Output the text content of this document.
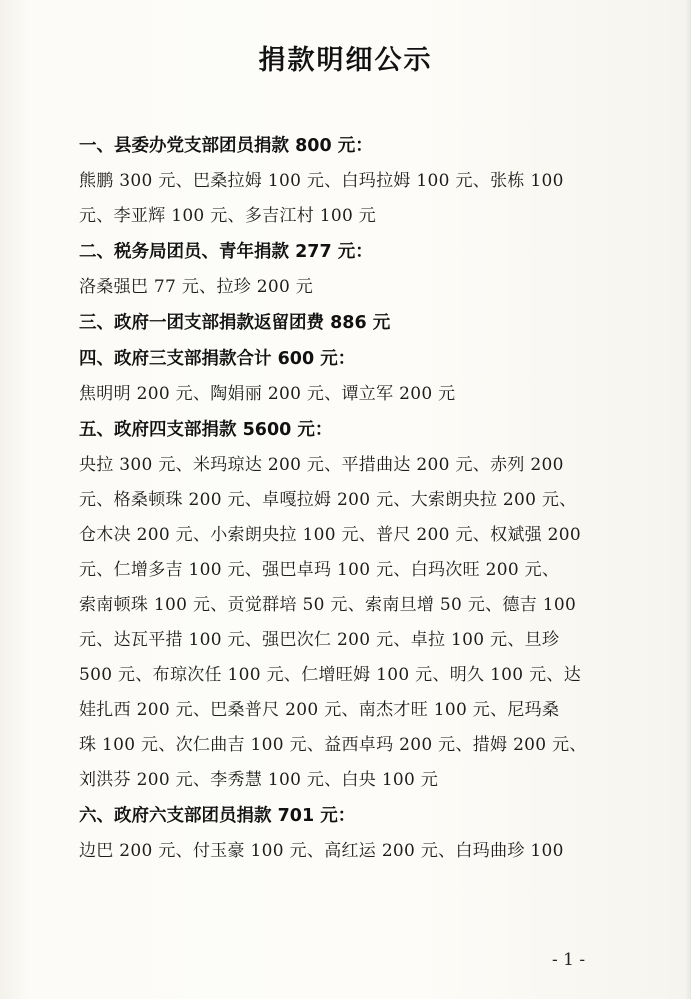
捐款明细公示
一、县委办党支部团员捐款 800 元：
熊鹏 300 元、巴桑拉姆 100 元、白玛拉姆 100 元、张栋 100
元、李亚辉 100 元、多吉江村 100 元
二、税务局团员、青年捐款 277 元：
洛桑强巴 77 元、拉珍 200 元
三、政府一团支部捐款返留团费 886 元
四、政府三支部捐款合计 600 元：
焦明明 200 元、陶娟丽 200 元、谭立军 200 元
五、政府四支部捐款 5600 元：
央拉 300 元、米玛琼达 200 元、平措曲达 200 元、赤列 200
元、格桑顿珠 200 元、卓嘎拉姆 200 元、大索朗央拉 200 元、
仓木决 200 元、小索朗央拉 100 元、普尺 200 元、权斌强 200
元、仁增多吉 100 元、强巴卓玛 100 元、白玛次旺 200 元、
索南顿珠 100 元、贡觉群培 50 元、索南旦增 50 元、德吉 100
元、达瓦平措 100 元、强巴次仁 200 元、卓拉 100 元、旦珍
500 元、布琼次任 100 元、仁增旺姆 100 元、明久 100 元、达
娃扎西 200 元、巴桑普尺 200 元、南杰才旺 100 元、尼玛桑
珠 100 元、次仁曲吉 100 元、益西卓玛 200 元、措姆 200 元、
刘洪芬 200 元、李秀慧 100 元、白央 100 元
六、政府六支部团员捐款 701 元：
边巴 200 元、付玉豪 100 元、高红运 200 元、白玛曲珍 100
- 1 -
